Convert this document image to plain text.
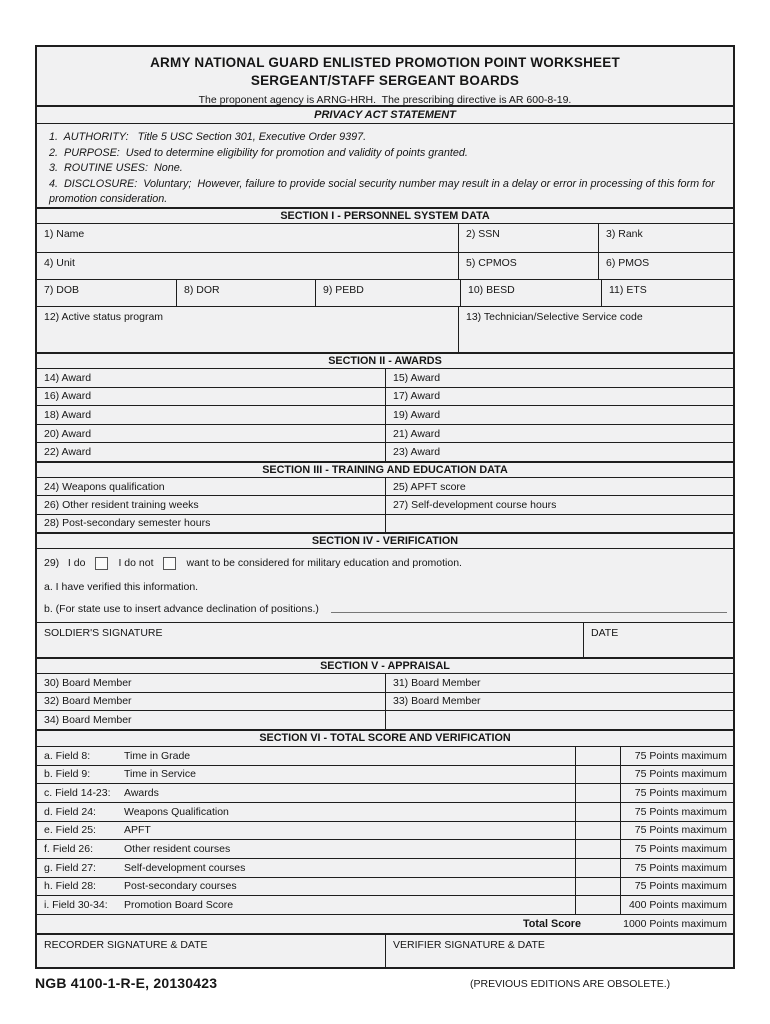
ARMY NATIONAL GUARD ENLISTED PROMOTION POINT WORKSHEET
SERGEANT/STAFF SERGEANT BOARDS
The proponent agency is ARNG-HRH.  The prescribing directive is AR 600-8-19.
PRIVACY ACT STATEMENT
1.  AUTHORITY:   Title 5 USC Section 301, Executive Order 9397.
2.  PURPOSE:  Used to determine eligibility for promotion and validity of points granted.
3.  ROUTINE USES:  None.
4.  DISCLOSURE:  Voluntary;  However, failure to provide social security number may result in a delay or error in processing of this form for promotion consideration.
SECTION I - PERSONNEL SYSTEM DATA
1) Name	2) SSN	3) Rank
4) Unit	5) CPMOS	6) PMOS
7) DOB	8) DOR	9) PEBD	10) BESD	11) ETS
12) Active status program	13) Technician/Selective Service code
SECTION II - AWARDS
14) Award	15) Award
16) Award	17) Award
18) Award	19) Award
20) Award	21) Award
22) Award	23) Award
SECTION III - TRAINING AND EDUCATION DATA
24) Weapons qualification	25) APFT score
26) Other resident training weeks	27) Self-development course hours
28) Post-secondary semester hours
SECTION IV - VERIFICATION
29)   I do	I do not	want to be considered for military education and promotion.
a. I have verified this information.
b. (For state use to insert advance declination of positions.)
SOLDIER'S SIGNATURE	DATE
SECTION V - APPRAISAL
30) Board Member	31) Board Member
32) Board Member	33) Board Member
34) Board Member
SECTION VI - TOTAL SCORE AND VERIFICATION
a. Field 8:	Time in Grade	75 Points maximum
b. Field 9:	Time in Service	75 Points maximum
c. Field 14-23:	Awards	75 Points maximum
d. Field 24:	Weapons Qualification	75 Points maximum
e. Field 25:	APFT	75 Points maximum
f. Field 26:	Other resident courses	75 Points maximum
g. Field 27:	Self-development courses	75 Points maximum
h. Field 28:	Post-secondary courses	75 Points maximum
i. Field 30-34:	Promotion Board Score	400 Points maximum
Total Score	1000 Points maximum
RECORDER SIGNATURE & DATE	VERIFIER SIGNATURE & DATE
NGB 4100-1-R-E, 20130423	(PREVIOUS EDITIONS ARE OBSOLETE.)
